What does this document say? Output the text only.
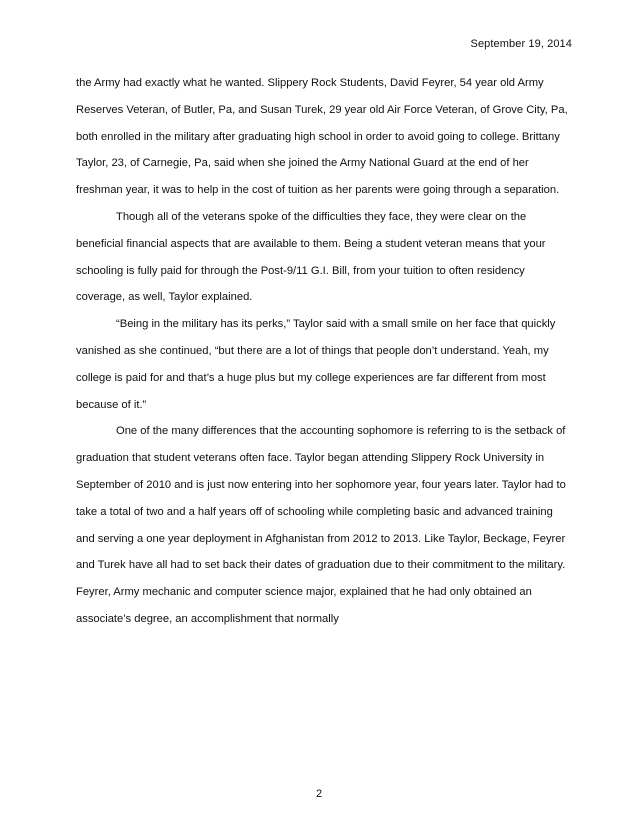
September 19, 2014

the Army had exactly what he wanted. Slippery Rock Students, David Feyrer, 54 year old Army Reserves Veteran, of Butler, Pa, and Susan Turek, 29 year old Air Force Veteran, of Grove City, Pa, both enrolled in the military after graduating high school in order to avoid going to college. Brittany Taylor, 23, of Carnegie, Pa, said when she joined the Army National Guard at the end of her freshman year, it was to help in the cost of tuition as her parents were going through a separation.

Though all of the veterans spoke of the difficulties they face, they were clear on the beneficial financial aspects that are available to them. Being a student veteran means that your schooling is fully paid for through the Post-9/11 G.I. Bill, from your tuition to often residency coverage, as well, Taylor explained.

“Being in the military has its perks,” Taylor said with a small smile on her face that quickly vanished as she continued, “but there are a lot of things that people don’t understand. Yeah, my college is paid for and that’s a huge plus but my college experiences are far different from most because of it.”

One of the many differences that the accounting sophomore is referring to is the setback of graduation that student veterans often face. Taylor began attending Slippery Rock University in September of 2010 and is just now entering into her sophomore year, four years later. Taylor had to take a total of two and a half years off of schooling while completing basic and advanced training and serving a one year deployment in Afghanistan from 2012 to 2013. Like Taylor, Beckage, Feyrer and Turek have all had to set back their dates of graduation due to their commitment to the military. Feyrer, Army mechanic and computer science major, explained that he had only obtained an associate’s degree, an accomplishment that normally

2
